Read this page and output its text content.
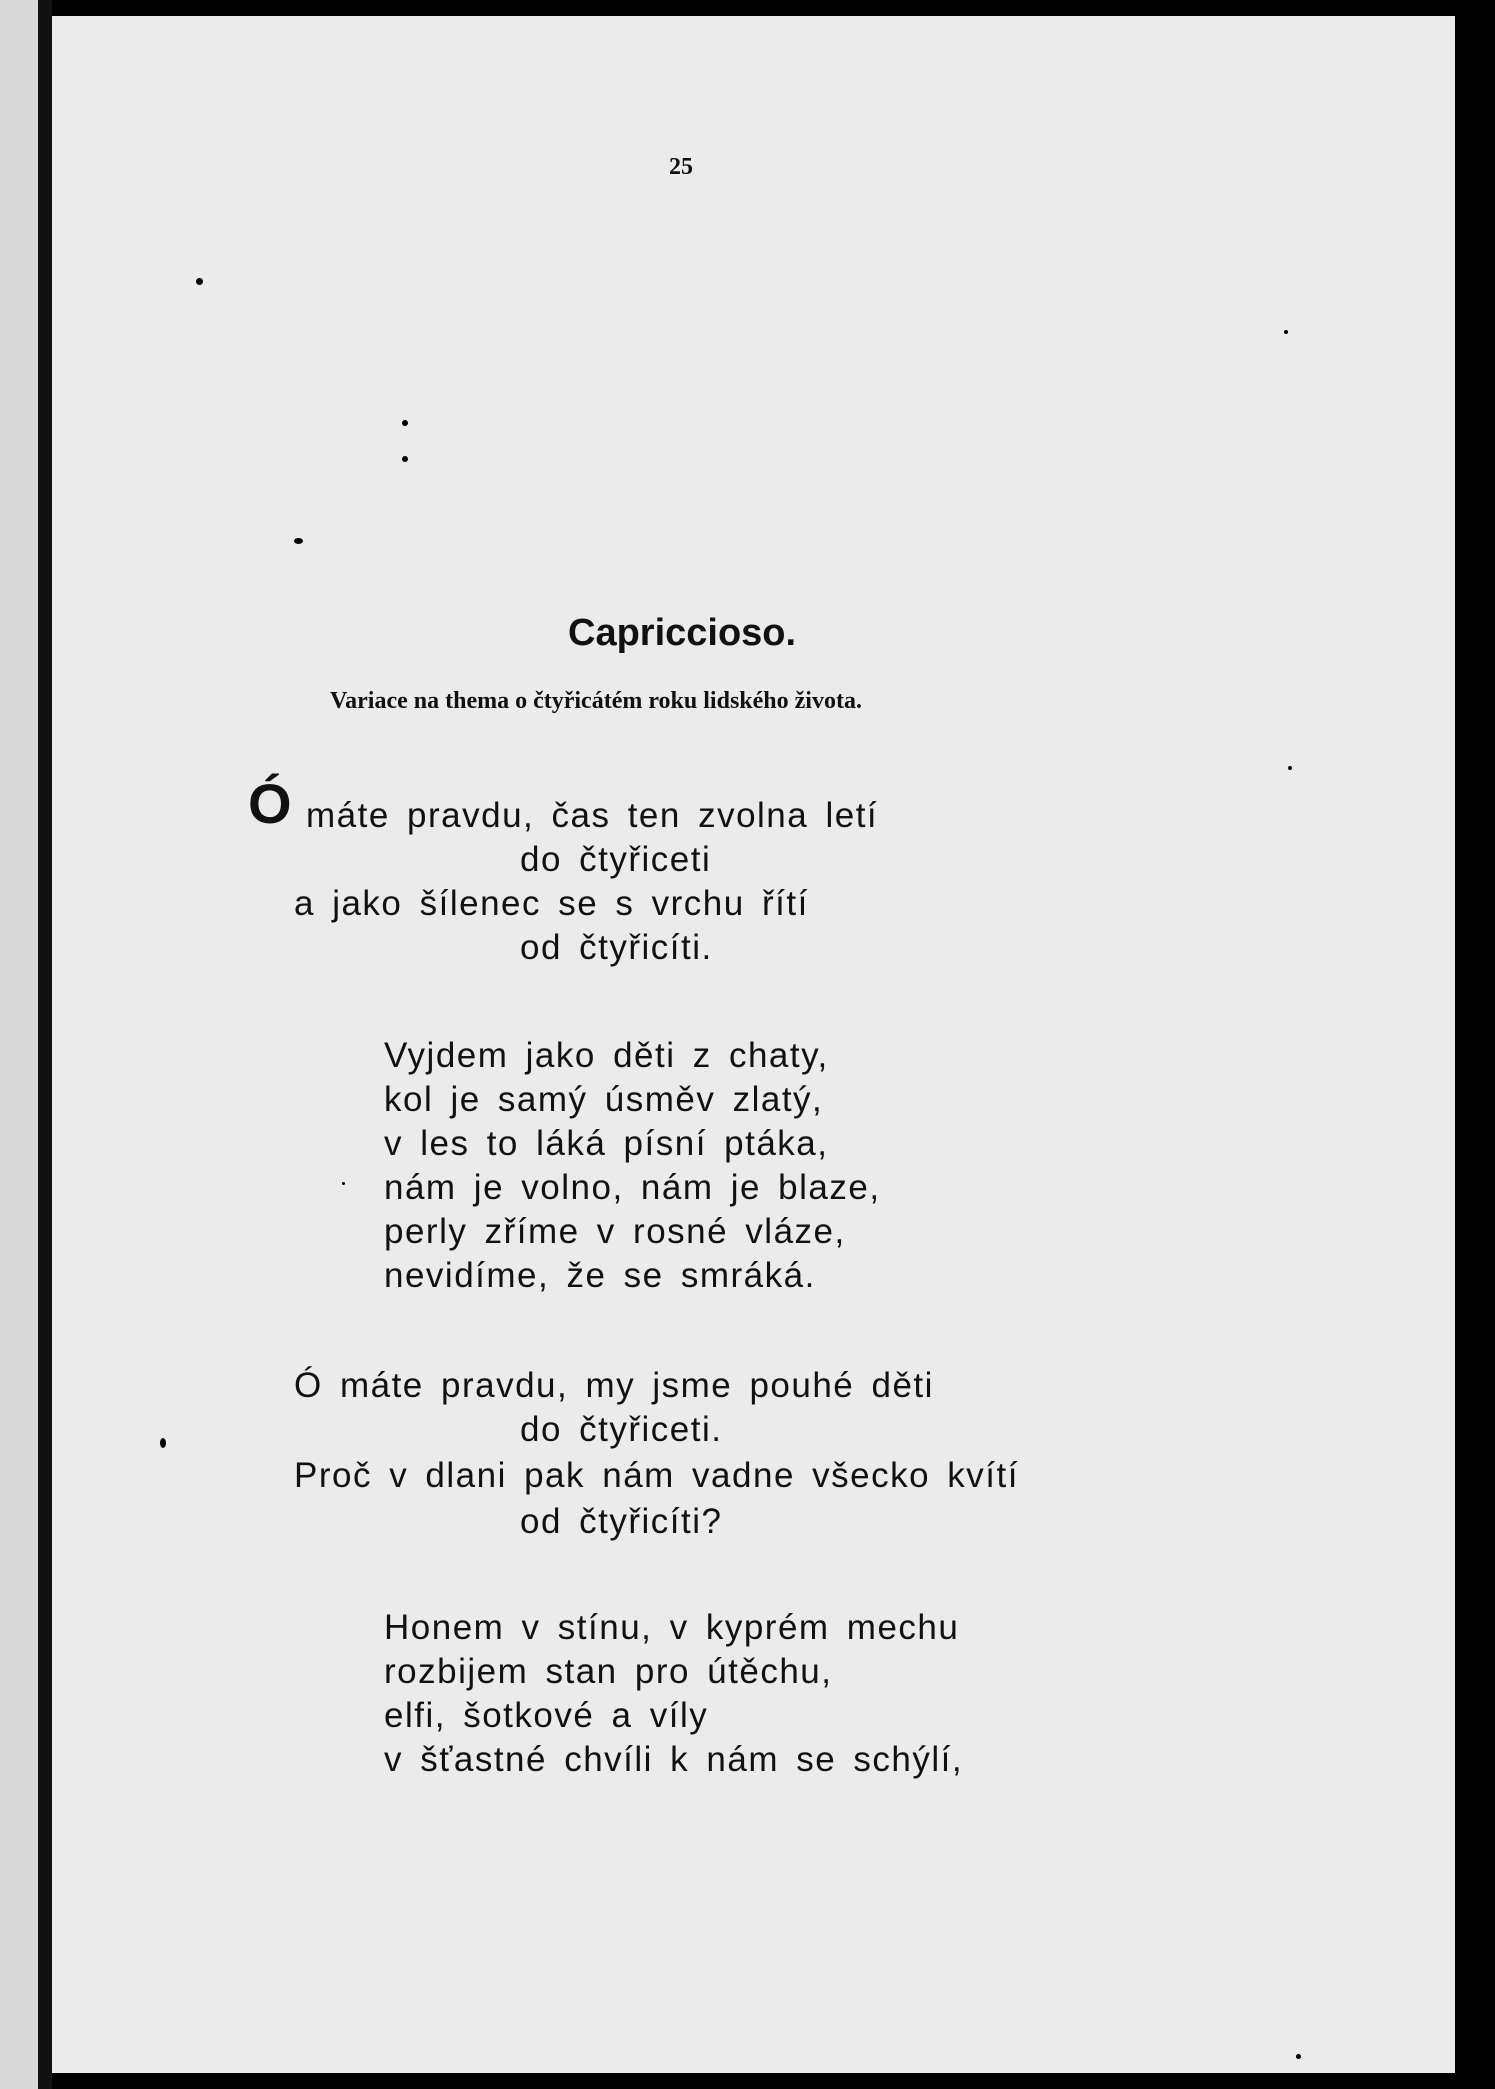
25
Capriccioso.
Variace na thema o čtyřicátém roku lidského života.
Ó máte pravdu, čas ten zvolna letí
do čtyřiceti
a jako šílenec se s vrchu řítí
od čtyřicíti.
Vyjdem jako děti z chaty,
kol je samý úsměv zlatý,
v les to láká písní ptáka,
nám je volno, nám je blaze,
perly zříme v rosné vláze,
nevidíme, že se smráká.
Ó máte pravdu, my jsme pouhé děti
do čtyřiceti.
Proč v dlani pak nám vadne všecko kvítí
od čtyřicíti?
Honem v stínu, v kyprém mechu
rozbijem stan pro útěchu,
elfi, šotkové a víly
v šťastné chvíli k nám se schýlí,
